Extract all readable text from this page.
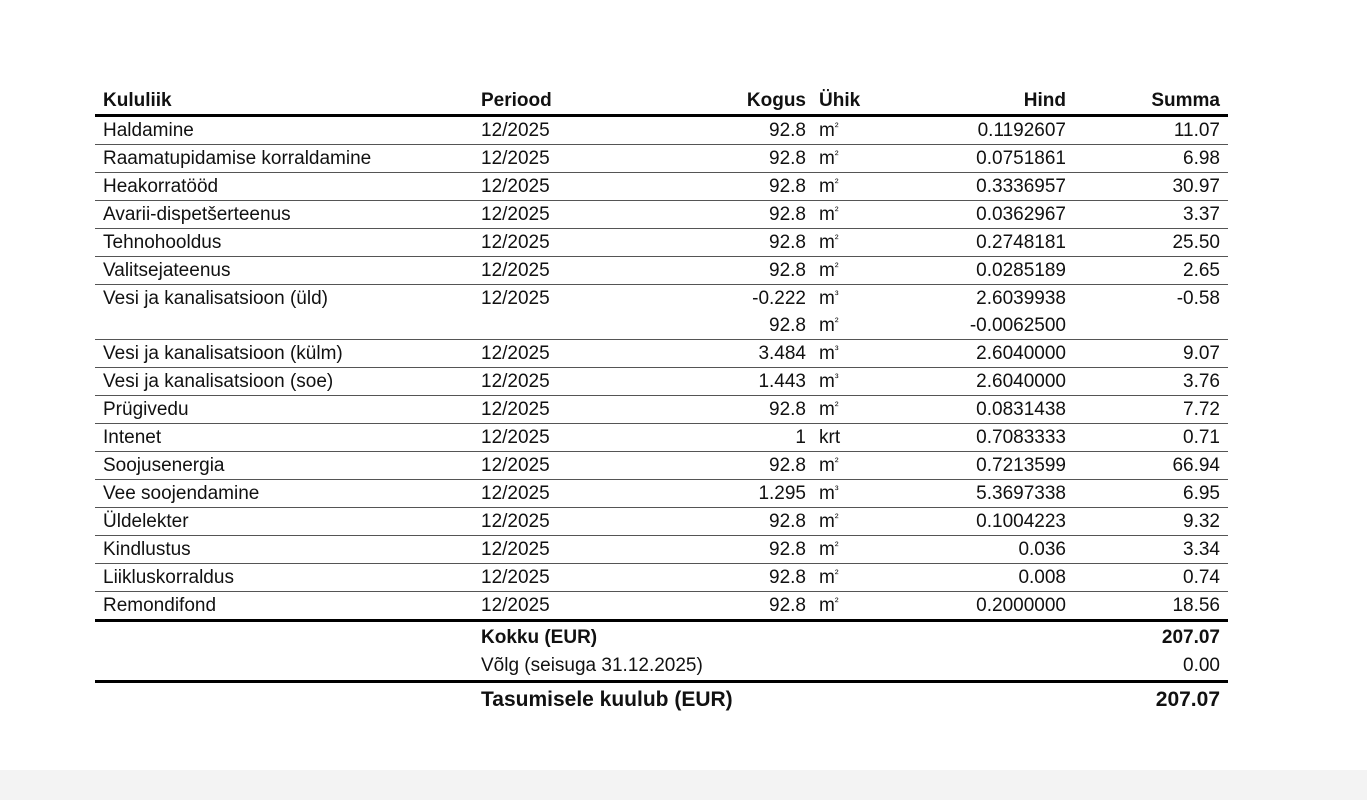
Kululiik	Periood	Kogus	Ühik	Hind	Summa
Haldamine	12/2025	92.8	$m^{^2}$	0.1192607	11.07
Raamatupidamise korraldamine	12/2025	92.8	$m^{^2}$	0.0751861	6.98
Heakorratööd	12/2025	92.8	$m^{^2}$	0.3336957	30.97
Avarii-dispetšerteenus	12/2025	92.8	$m^{^2}$	0.0362967	3.37
Tehnohooldus	12/2025	92.8	$m^{^2}$	0.2748181	25.50
Valitsejateenus	12/2025	92.8	$m^{^2}$	0.0285189	2.65
Vesi ja kanalisatsioon (üld)	12/2025	-0.222	$m^{^3}$	2.6039938	-0.58
		92.8	$m^{^2}$	-0.0062500	
Vesi ja kanalisatsioon (külm)	12/2025	3.484	$m^{^3}$	2.6040000	9.07
Vesi ja kanalisatsioon (soe)	12/2025	1.443	$m^{^3}$	2.6040000	3.76
Prügivedu	12/2025	92.8	$m^{^2}$	0.0831438	7.72
Intenet	12/2025	1	krt	0.7083333	0.71
Soojusenergia	12/2025	92.8	$m^{^2}$	0.7213599	66.94
Vee soojendamine	12/2025	1.295	$m^{^3}$	5.3697338	6.95
Üldelekter	12/2025	92.8	$m^{^2}$	0.1004223	9.32
Kindlustus	12/2025	92.8	$m^{^2}$	0.036	3.34
Liikluskorraldus	12/2025	92.8	$m^{^2}$	0.008	0.74
Remondifond	12/2025	92.8	$m^{^2}$	0.2000000	18.56
	Kokku (EUR)				207.07
	Võlg (seisuga 31.12.2025)				0.00
	Tasumisele kuulub (EUR)				207.07
